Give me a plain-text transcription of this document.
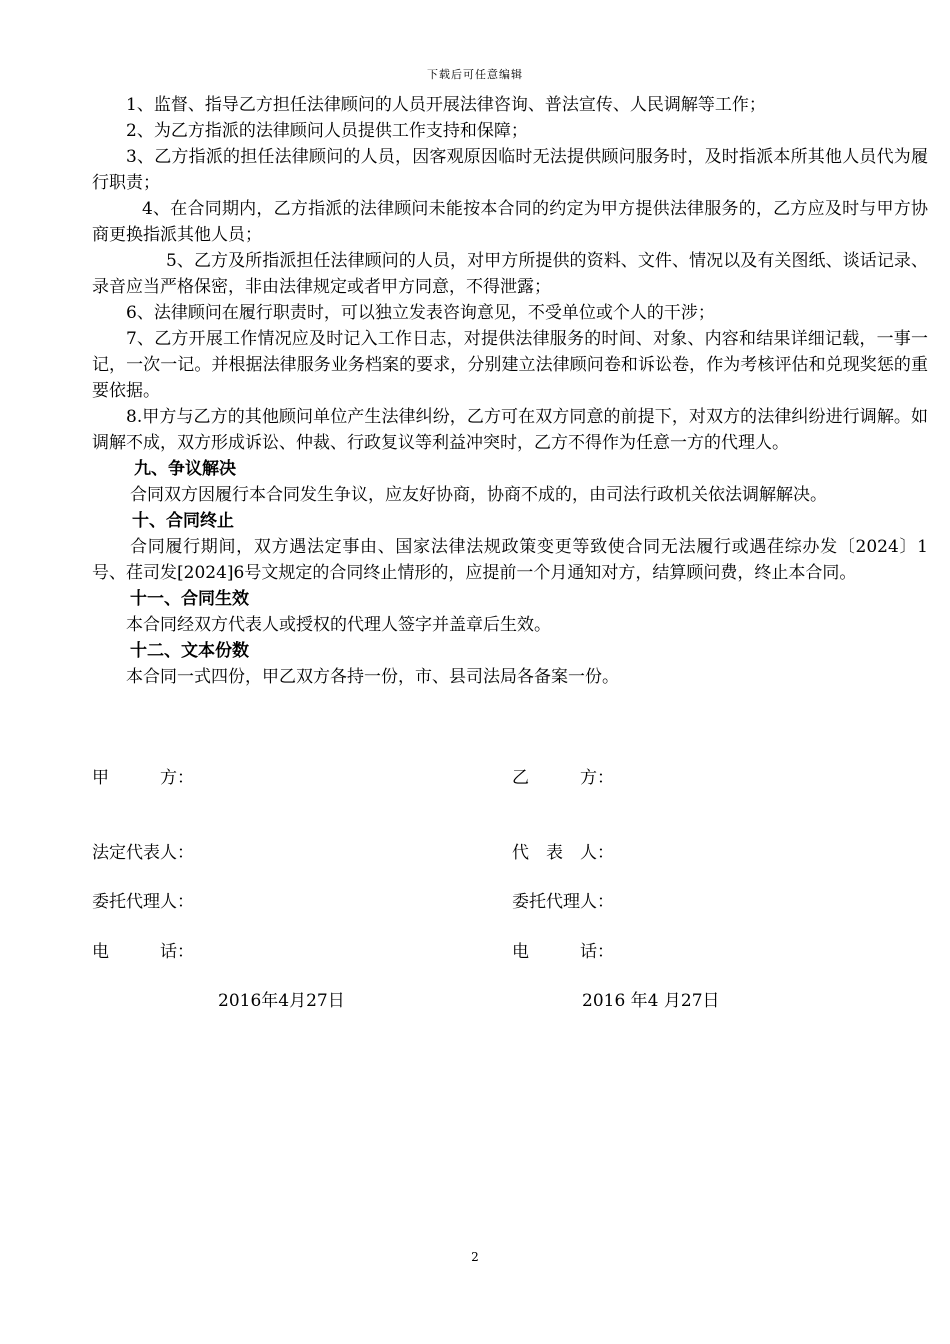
下载后可任意编辑

1、监督、指导乙方担任法律顾问的人员开展法律咨询、普法宣传、人民调解等工作；

2、为乙方指派的法律顾问人员提供工作支持和保障；

3、乙方指派的担任法律顾问的人员，因客观原因临时无法提供顾问服务时，及时指派本所其他人员代为履行职责；

4、在合同期内，乙方指派的法律顾问未能按本合同的约定为甲方提供法律服务的，乙方应及时与甲方协商更换指派其他人员；

5、乙方及所指派担任法律顾问的人员，对甲方所提供的资料、文件、情况以及有关图纸、谈话记录、录音应当严格保密，非由法律规定或者甲方同意，不得泄露；

6、法律顾问在履行职责时，可以独立发表咨询意见，不受单位或个人的干涉；

7、乙方开展工作情况应及时记入工作日志，对提供法律服务的时间、对象、内容和结果详细记载，一事一记，一次一记。并根据法律服务业务档案的要求，分别建立法律顾问卷和诉讼卷，作为考核评估和兑现奖惩的重要依据。

8.甲方与乙方的其他顾问单位产生法律纠纷，乙方可在双方同意的前提下，对双方的法律纠纷进行调解。如调解不成，双方形成诉讼、仲裁、行政复议等利益冲突时，乙方不得作为任意一方的代理人。

九、争议解决

合同双方因履行本合同发生争议，应友好协商，协商不成的，由司法行政机关依法调解解决。

十、合同终止

合同履行期间，双方遇法定事由、国家法律法规政策变更等致使合同无法履行或遇荏综办发〔2024〕1号、荏司发[2024]6号文规定的合同终止情形的，应提前一个月通知对方，结算顾问费，终止本合同。

十一、合同生效

本合同经双方代表人或授权的代理人签字并盖章后生效。

十二、文本份数

本合同一式四份，甲乙双方各持一份，市、县司法局各备案一份。

甲　　　方：	乙　　　方：
法定代表人：	代　表　人：
委托代理人：	委托代理人：
电　　　话：	电　　　话：
2016年4月27日	2016 年4 月27日
2
